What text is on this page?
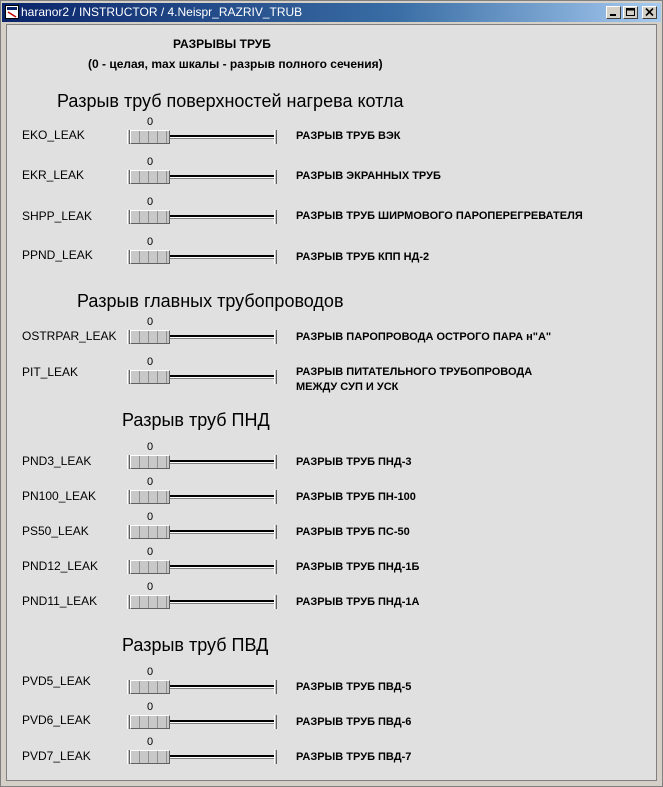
haranor2 / INSTRUCTOR / 4.Neispr_RAZRIV_TRUB
РАЗРЫВЫ ТРУБ
(0 - целая, max шкалы - разрыв полного сечения)
Разрыв труб поверхностей нагрева котла
Разрыв главных трубопроводов
Разрыв труб ПНД
Разрыв труб ПВД
EKO_LEAK
0
РАЗРЫВ ТРУБ ВЭК
EKR_LEAK
0
РАЗРЫВ ЭКРАННЫХ ТРУБ
SHPP_LEAK
0
РАЗРЫВ ТРУБ ШИРМОВОГО ПАРОПЕРЕГРЕВАТЕЛЯ
PPND_LEAK
0
РАЗРЫВ ТРУБ КПП НД-2
OSTRPAR_LEAK
0
РАЗРЫВ ПАРОПРОВОДА ОСТРОГО ПАРА н"А"
PIT_LEAK
0
РАЗРЫВ ПИТАТЕЛЬНОГО ТРУБОПРОВОДА
МЕЖДУ СУП И УСК
PND3_LEAK
0
РАЗРЫВ ТРУБ ПНД-3
PN100_LEAK
0
РАЗРЫВ ТРУБ ПН-100
PS50_LEAK
0
РАЗРЫВ ТРУБ ПС-50
PND12_LEAK
0
РАЗРЫВ ТРУБ ПНД-1Б
PND11_LEAK
0
РАЗРЫВ ТРУБ ПНД-1А
PVD5_LEAK
0
РАЗРЫВ ТРУБ ПВД-5
PVD6_LEAK
0
РАЗРЫВ ТРУБ ПВД-6
PVD7_LEAK
0
РАЗРЫВ ТРУБ ПВД-7
